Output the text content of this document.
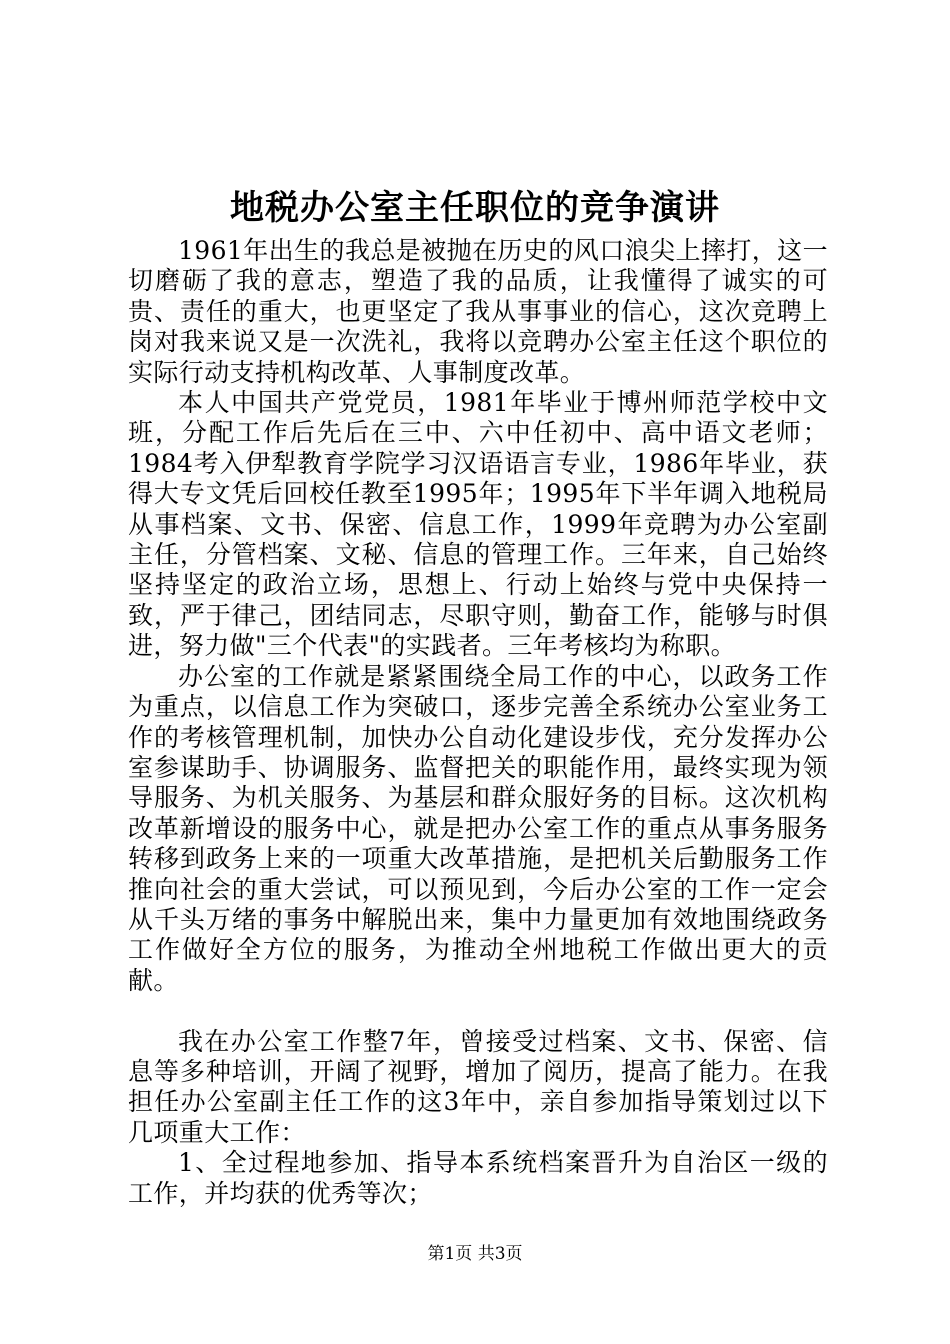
地税办公室主任职位的竞争演讲

1961年出生的我总是被抛在历史的风口浪尖上摔打，这一切磨砺了我的意志，塑造了我的品质，让我懂得了诚实的可贵、责任的重大，也更坚定了我从事事业的信心，这次竞聘上岗对我来说又是一次洗礼，我将以竞聘办公室主任这个职位的实际行动支持机构改革、人事制度改革。

本人中国共产党党员，1981年毕业于博州师范学校中文班，分配工作后先后在三中、六中任初中、高中语文老师；1984考入伊犁教育学院学习汉语语言专业，1986年毕业，获得大专文凭后回校任教至1995年；1995年下半年调入地税局从事档案、文书、保密、信息工作，1999年竞聘为办公室副主任，分管档案、文秘、信息的管理工作。三年来，自己始终坚持坚定的政治立场，思想上、行动上始终与党中央保持一致，严于律己，团结同志，尽职守则，勤奋工作，能够与时俱进，努力做"三个代表"的实践者。三年考核均为称职。

办公室的工作就是紧紧围绕全局工作的中心，以政务工作为重点，以信息工作为突破口，逐步完善全系统办公室业务工作的考核管理机制，加快办公自动化建设步伐，充分发挥办公室参谋助手、协调服务、监督把关的职能作用，最终实现为领导服务、为机关服务、为基层和群众服好务的目标。这次机构改革新增设的服务中心，就是把办公室工作的重点从事务服务转移到政务上来的一项重大改革措施，是把机关后勤服务工作推向社会的重大尝试，可以预见到，今后办公室的工作一定会从千头万绪的事务中解脱出来，集中力量更加有效地围绕政务工作做好全方位的服务，为推动全州地税工作做出更大的贡献。

我在办公室工作整7年，曾接受过档案、文书、保密、信息等多种培训，开阔了视野，增加了阅历，提高了能力。在我担任办公室副主任工作的这3年中，亲自参加指导策划过以下几项重大工作：

1、全过程地参加、指导本系统档案晋升为自治区一级的工作，并均获的优秀等次；

第1页 共3页
